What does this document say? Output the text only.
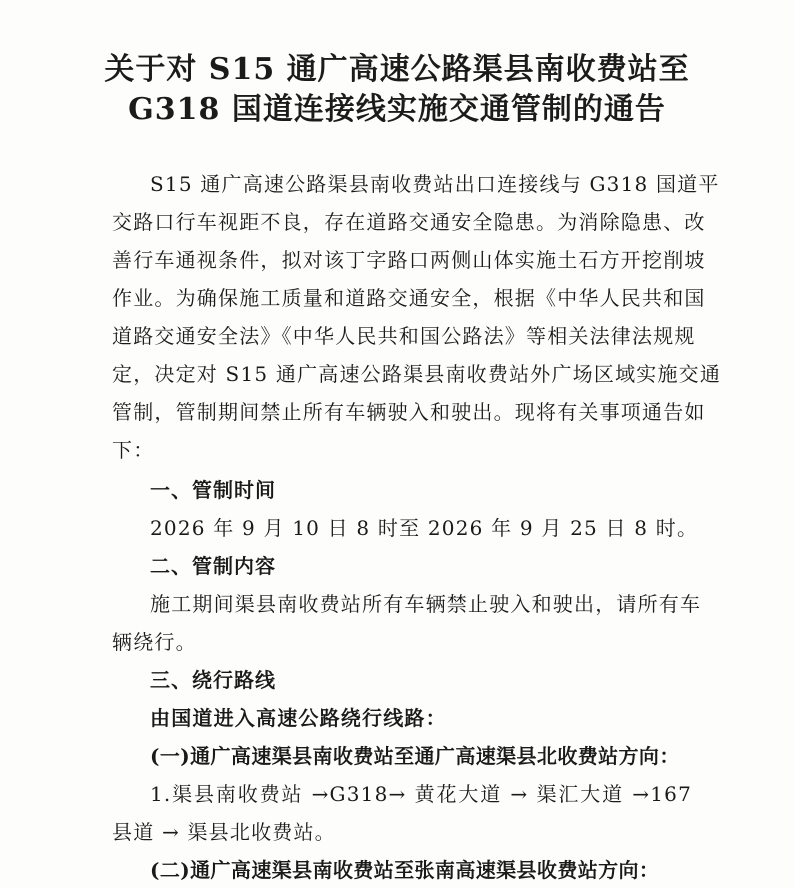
关于对 S15 通广高速公路渠县南收费站至
G318 国道连接线实施交通管制的通告
S15 通广高速公路渠县南收费站出口连接线与 G318 国道平
交路口行车视距不良，存在道路交通安全隐患。为消除隐患、改
善行车通视条件，拟对该丁字路口两侧山体实施土石方开挖削坡
作业。为确保施工质量和道路交通安全，根据《中华人民共和国
道路交通安全法》《中华人民共和国公路法》等相关法律法规规
定，决定对 S15 通广高速公路渠县南收费站外广场区域实施交通
管制，管制期间禁止所有车辆驶入和驶出。现将有关事项通告如
下：
一、管制时间
2026 年 9 月 10 日 8 时至 2026 年 9 月 25 日 8 时。
二、管制内容
施工期间渠县南收费站所有车辆禁止驶入和驶出，请所有车
辆绕行。
三、绕行路线
由国道进入高速公路绕行线路：
(一)通广高速渠县南收费站至通广高速渠县北收费站方向：
1.渠县南收费站 →G318→ 黄花大道 → 渠汇大道 →167
县道 → 渠县北收费站。
(二)通广高速渠县南收费站至张南高速渠县收费站方向：
